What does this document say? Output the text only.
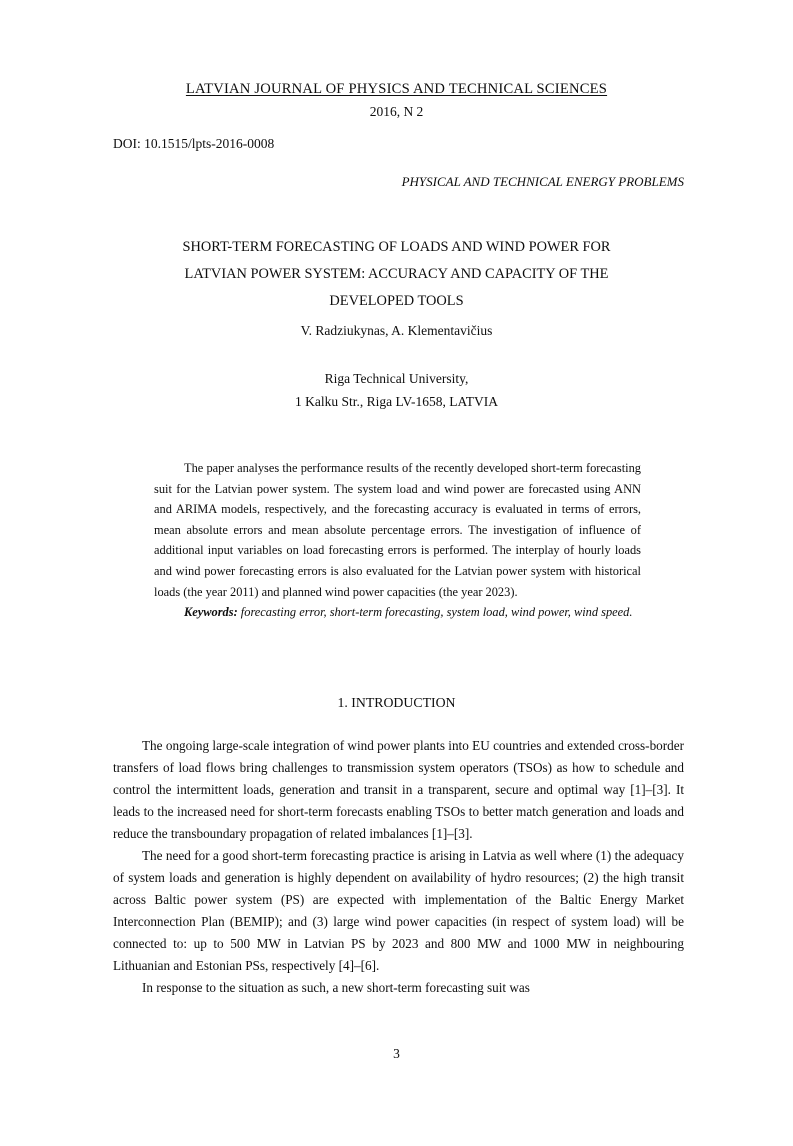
LATVIAN JOURNAL OF PHYSICS AND TECHNICAL SCIENCES
2016, N 2
DOI: 10.1515/lpts-2016-0008
PHYSICAL AND TECHNICAL ENERGY PROBLEMS
SHORT-TERM FORECASTING OF LOADS AND WIND POWER FOR
LATVIAN POWER SYSTEM: ACCURACY AND CAPACITY OF THE
DEVELOPED TOOLS
V. Radziukynas, A. Klementavičius
Riga Technical University,
1 Kalku Str., Riga LV-1658, LATVIA

The paper analyses the performance results of the recently developed short-term forecasting suit for the Latvian power system. The system load and wind power are forecasted using ANN and ARIMA models, respectively, and the forecasting accuracy is evaluated in terms of errors, mean absolute errors and mean absolute percentage errors. The investigation of influence of additional input variables on load forecasting errors is performed. The interplay of hourly loads and wind power forecasting errors is also evaluated for the Latvian power system with historical loads (the year 2011) and planned wind power capacities (the year 2023).

Keywords: forecasting error, short-term forecasting, system load, wind power, wind speed.

1. INTRODUCTION

The ongoing large-scale integration of wind power plants into EU countries and extended cross-border transfers of load flows bring challenges to transmission system operators (TSOs) as how to schedule and control the intermittent loads, generation and transit in a transparent, secure and optimal way [1]–[3]. It leads to the increased need for short-term forecasts enabling TSOs to better match generation and loads and reduce the transboundary propagation of related imbalances [1]–[3].

The need for a good short-term forecasting practice is arising in Latvia as well where (1) the adequacy of system loads and generation is highly dependent on availability of hydro resources; (2) the high transit across Baltic power system (PS) are expected with implementation of the Baltic Energy Market Interconnection Plan (BEMIP); and (3) large wind power capacities (in respect of system load) will be connected to: up to 500 MW in Latvian PS by 2023 and 800 MW and 1000 MW in neighbouring Lithuanian and Estonian PSs, respectively [4]–[6].

In response to the situation as such, a new short-term forecasting suit was

3
